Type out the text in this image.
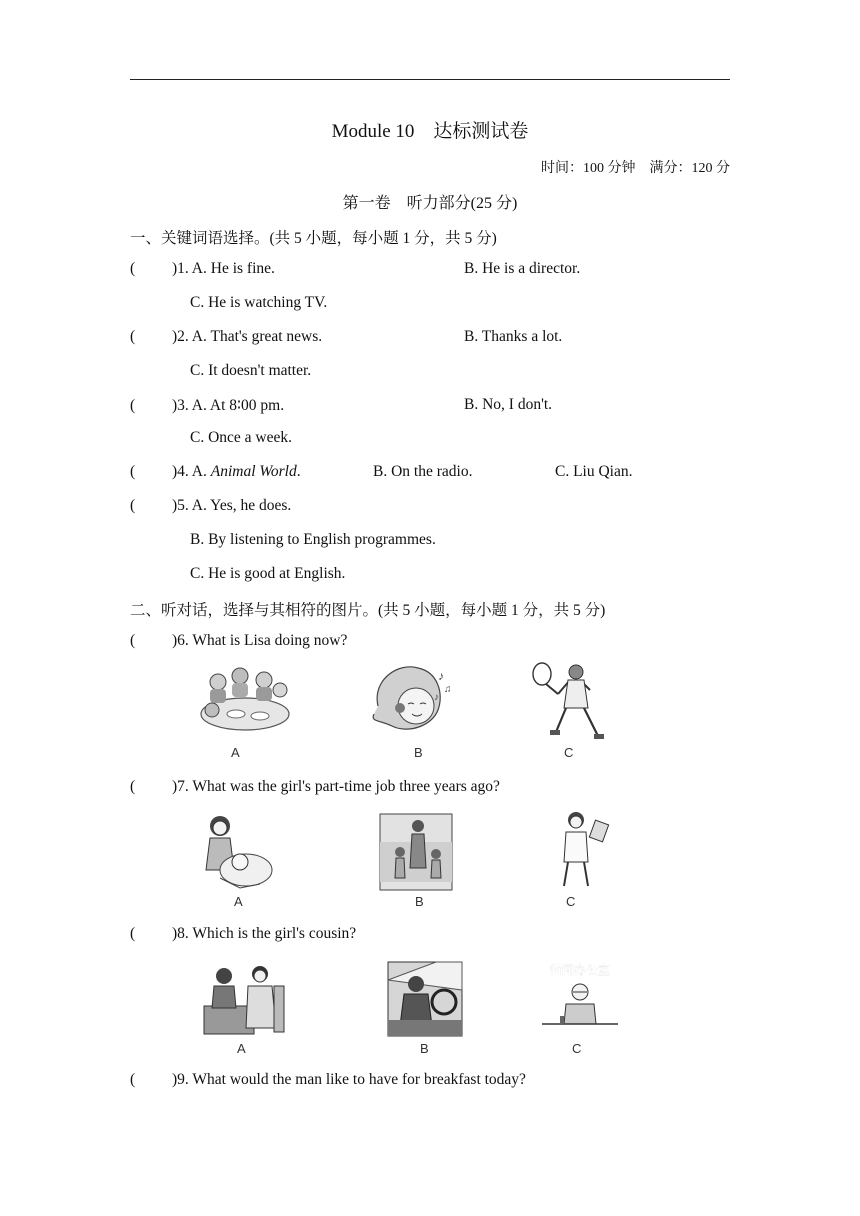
Module 10　达标测试卷
时间：100 分钟　满分：120 分
第一卷　听力部分(25 分)
一、关键词语选择。(共 5 小题，每小题 1 分，共 5 分)
( )1. A. He is fine.	B. He is a director.
C. He is watching TV.
( )2. A. That's great news.	B. Thanks a lot.
C. It doesn't matter.
( )3. A. At 8∶00 pm.	B. No, I don't.
C. Once a week.
( )4. A. Animal World.	B. On the radio.	C. Liu Qian.
( )5. A. Yes, he does.
B. By listening to English programmes.
C. He is good at English.
二、听对话，选择与其相符的图片。(共 5 小题，每小题 1 分，共 5 分)
( )6. What is Lisa doing now?
A
♪
♫
♪
B	C
( )7. What was the girl's part-time job three years ago?
A	B	C
( )8. Which is the girl's cousin?
A	B
新闻办公室
C
( )9. What would the man like to have for breakfast today?
